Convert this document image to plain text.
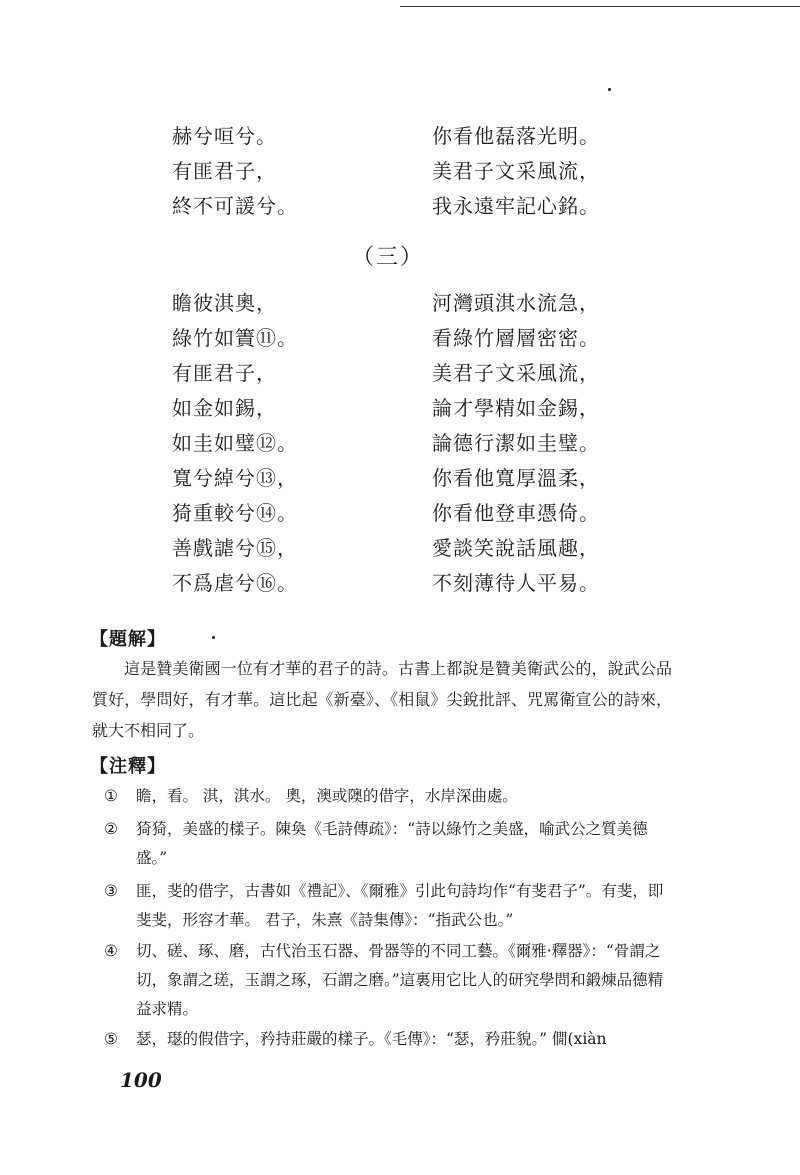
赫兮咺兮。	你看他磊落光明。
有匪君子，	美君子文采風流，
終不可諼兮。	我永遠牢記心銘。
（三）
瞻彼淇奧，	河灣頭淇水流急，
綠竹如簀⑪。	看綠竹層層密密。
有匪君子，	美君子文采風流，
如金如錫，	論才學精如金錫，
如圭如璧⑫。	論德行潔如圭璧。
寬兮綽兮⑬，	你看他寬厚溫柔，
猗重較兮⑭。	你看他登車憑倚。
善戲謔兮⑮，	愛談笑說話風趣，
不爲虐兮⑯。	不刻薄待人平易。
【題解】
這是贊美衛國一位有才華的君子的詩。古書上都說是贊美衛武公的，說武公品質好，學問好，有才華。這比起《新臺》、《相鼠》尖銳批評、咒罵衛宣公的詩來，就大不相同了。
【注釋】
①	瞻，看。 淇，淇水。 奧，澳或隩的借字，水岸深曲處。
②	猗猗，美盛的樣子。陳奐《毛詩傳疏》：“詩以綠竹之美盛，喻武公之質美德盛。”
③	匪，斐的借字，古書如《禮記》、《爾雅》引此句詩均作“有斐君子”。有斐，即斐斐，形容才華。 君子，朱熹《詩集傳》：“指武公也。”
④	切、磋、琢、磨，古代治玉石器、骨器等的不同工藝。《爾雅·釋器》：“骨謂之切，象謂之瑳，玉謂之琢，石謂之磨。”這裏用它比人的研究學問和鍛煉品德精益求精。
⑤	瑟，璱的假借字，矜持莊嚴的樣子。《毛傳》：“瑟，矜莊貌。” 僩(xiàn
100
